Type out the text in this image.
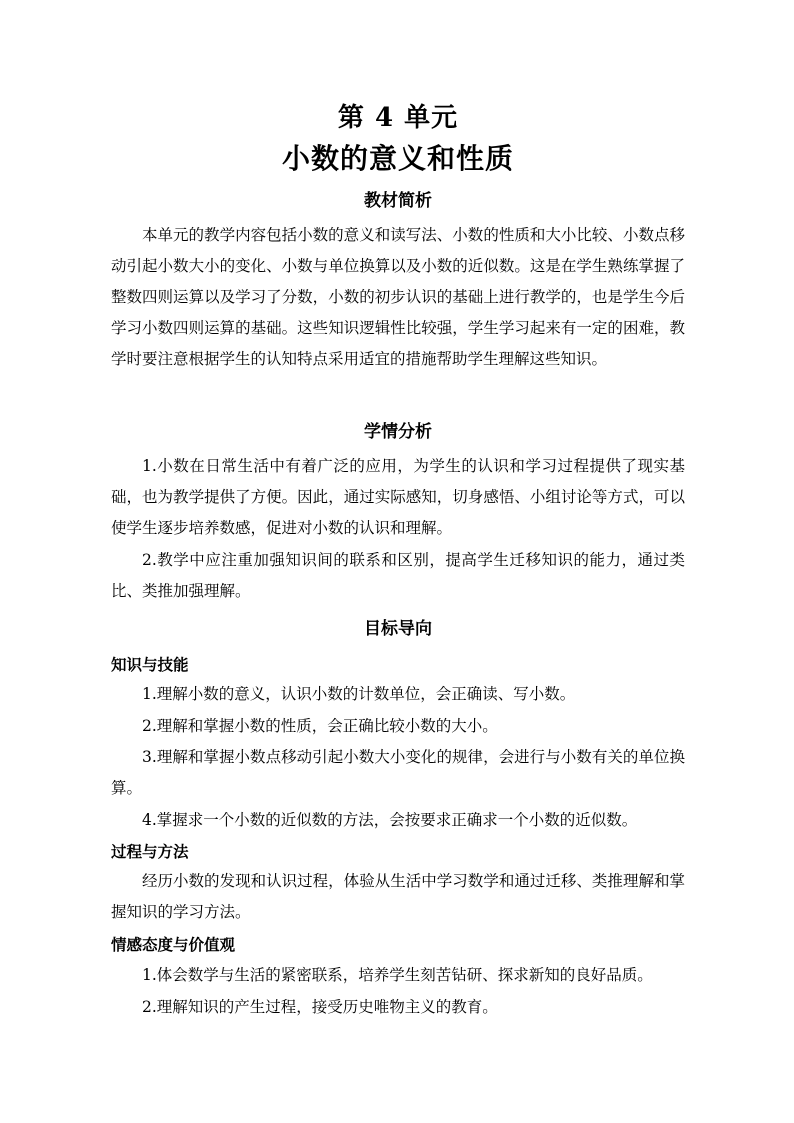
第 4 单元
小数的意义和性质
教材简析

本单元的教学内容包括小数的意义和读写法、小数的性质和大小比较、小数点移动引起小数大小的变化、小数与单位换算以及小数的近似数。这是在学生熟练掌握了整数四则运算以及学习了分数，小数的初步认识的基础上进行教学的，也是学生今后学习小数四则运算的基础。这些知识逻辑性比较强，学生学习起来有一定的困难，教学时要注意根据学生的认知特点采用适宜的措施帮助学生理解这些知识。

学情分析

1.小数在日常生活中有着广泛的应用，为学生的认识和学习过程提供了现实基础，也为教学提供了方便。因此，通过实际感知，切身感悟、小组讨论等方式，可以使学生逐步培养数感，促进对小数的认识和理解。

2.教学中应注重加强知识间的联系和区别，提高学生迁移知识的能力，通过类比、类推加强理解。

目标导向
知识与技能

1.理解小数的意义，认识小数的计数单位，会正确读、写小数。

2.理解和掌握小数的性质，会正确比较小数的大小。

3.理解和掌握小数点移动引起小数大小变化的规律，会进行与小数有关的单位换算。

4.掌握求一个小数的近似数的方法，会按要求正确求一个小数的近似数。

过程与方法

经历小数的发现和认识过程，体验从生活中学习数学和通过迁移、类推理解和掌握知识的学习方法。

情感态度与价值观

1.体会数学与生活的紧密联系，培养学生刻苦钻研、探求新知的良好品质。

2.理解知识的产生过程，接受历史唯物主义的教育。
